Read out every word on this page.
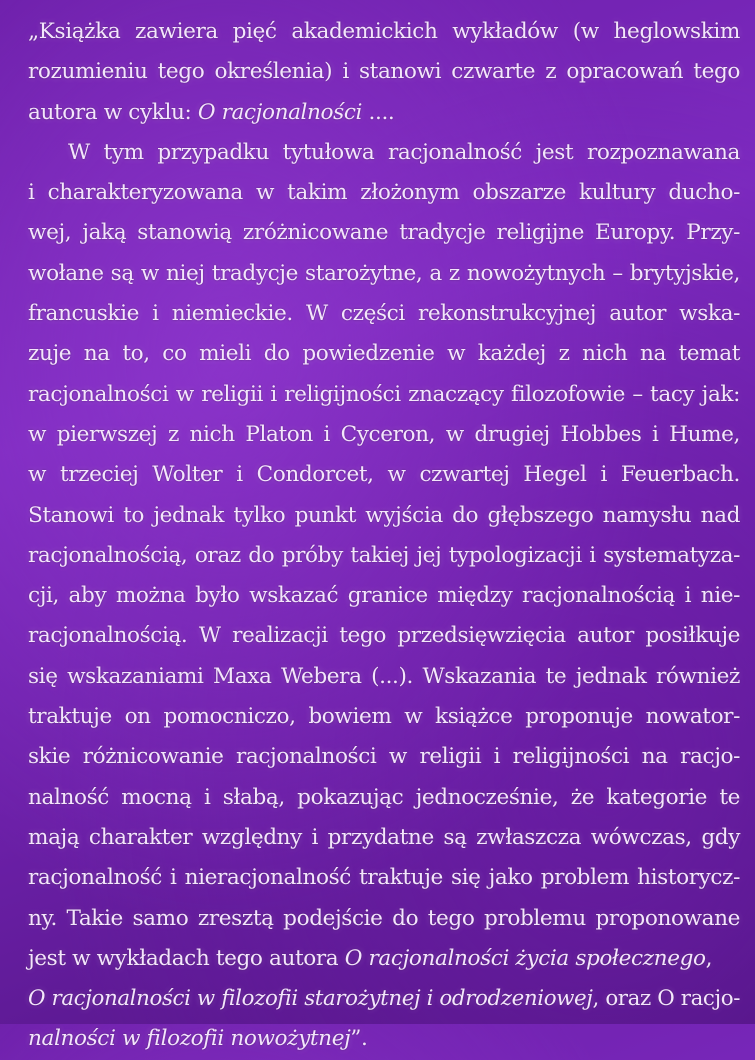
„Książka zawiera pięć akademickich wykładów (w heglowskim
rozumieniu tego określenia) i stanowi czwarte z opracowań tego
autora w cyklu: O racjonalności ....
W tym przypadku tytułowa racjonalność jest rozpoznawana
i charakteryzowana w takim złożonym obszarze kultury ducho-
wej, jaką stanowią zróżnicowane tradycje religijne Europy. Przy-
wołane są w niej tradycje starożytne, a z nowożytnych – brytyjskie,
francuskie i niemieckie. W części rekonstrukcyjnej autor wska-
zuje na to, co mieli do powiedzenie w każdej z nich na temat
racjonalności w religii i religijności znaczący filozofowie – tacy jak:
w pierwszej z nich Platon i Cyceron, w drugiej Hobbes i Hume,
w trzeciej Wolter i Condorcet, w czwartej Hegel i Feuerbach.
Stanowi to jednak tylko punkt wyjścia do głębszego namysłu nad
racjonalnością, oraz do próby takiej jej typologizacji i systematyza-
cji, aby można było wskazać granice między racjonalnością i nie-
racjonalnością. W realizacji tego przedsięwzięcia autor posiłkuje
się wskazaniami Maxa Webera (...). Wskazania te jednak również
traktuje on pomocniczo, bowiem w książce proponuje nowator-
skie różnicowanie racjonalności w religii i religijności na racjo-
nalność mocną i słabą, pokazując jednocześnie, że kategorie te
mają charakter względny i przydatne są zwłaszcza wówczas, gdy
racjonalność i nieracjonalność traktuje się jako problem historycz-
ny. Takie samo zresztą podejście do tego problemu proponowane
jest w wykładach tego autora O racjonalności życia społecznego,
O racjonalności w filozofii starożytnej i odrodzeniowej, oraz O racjo-
nalności w filozofii nowożytnej”.
